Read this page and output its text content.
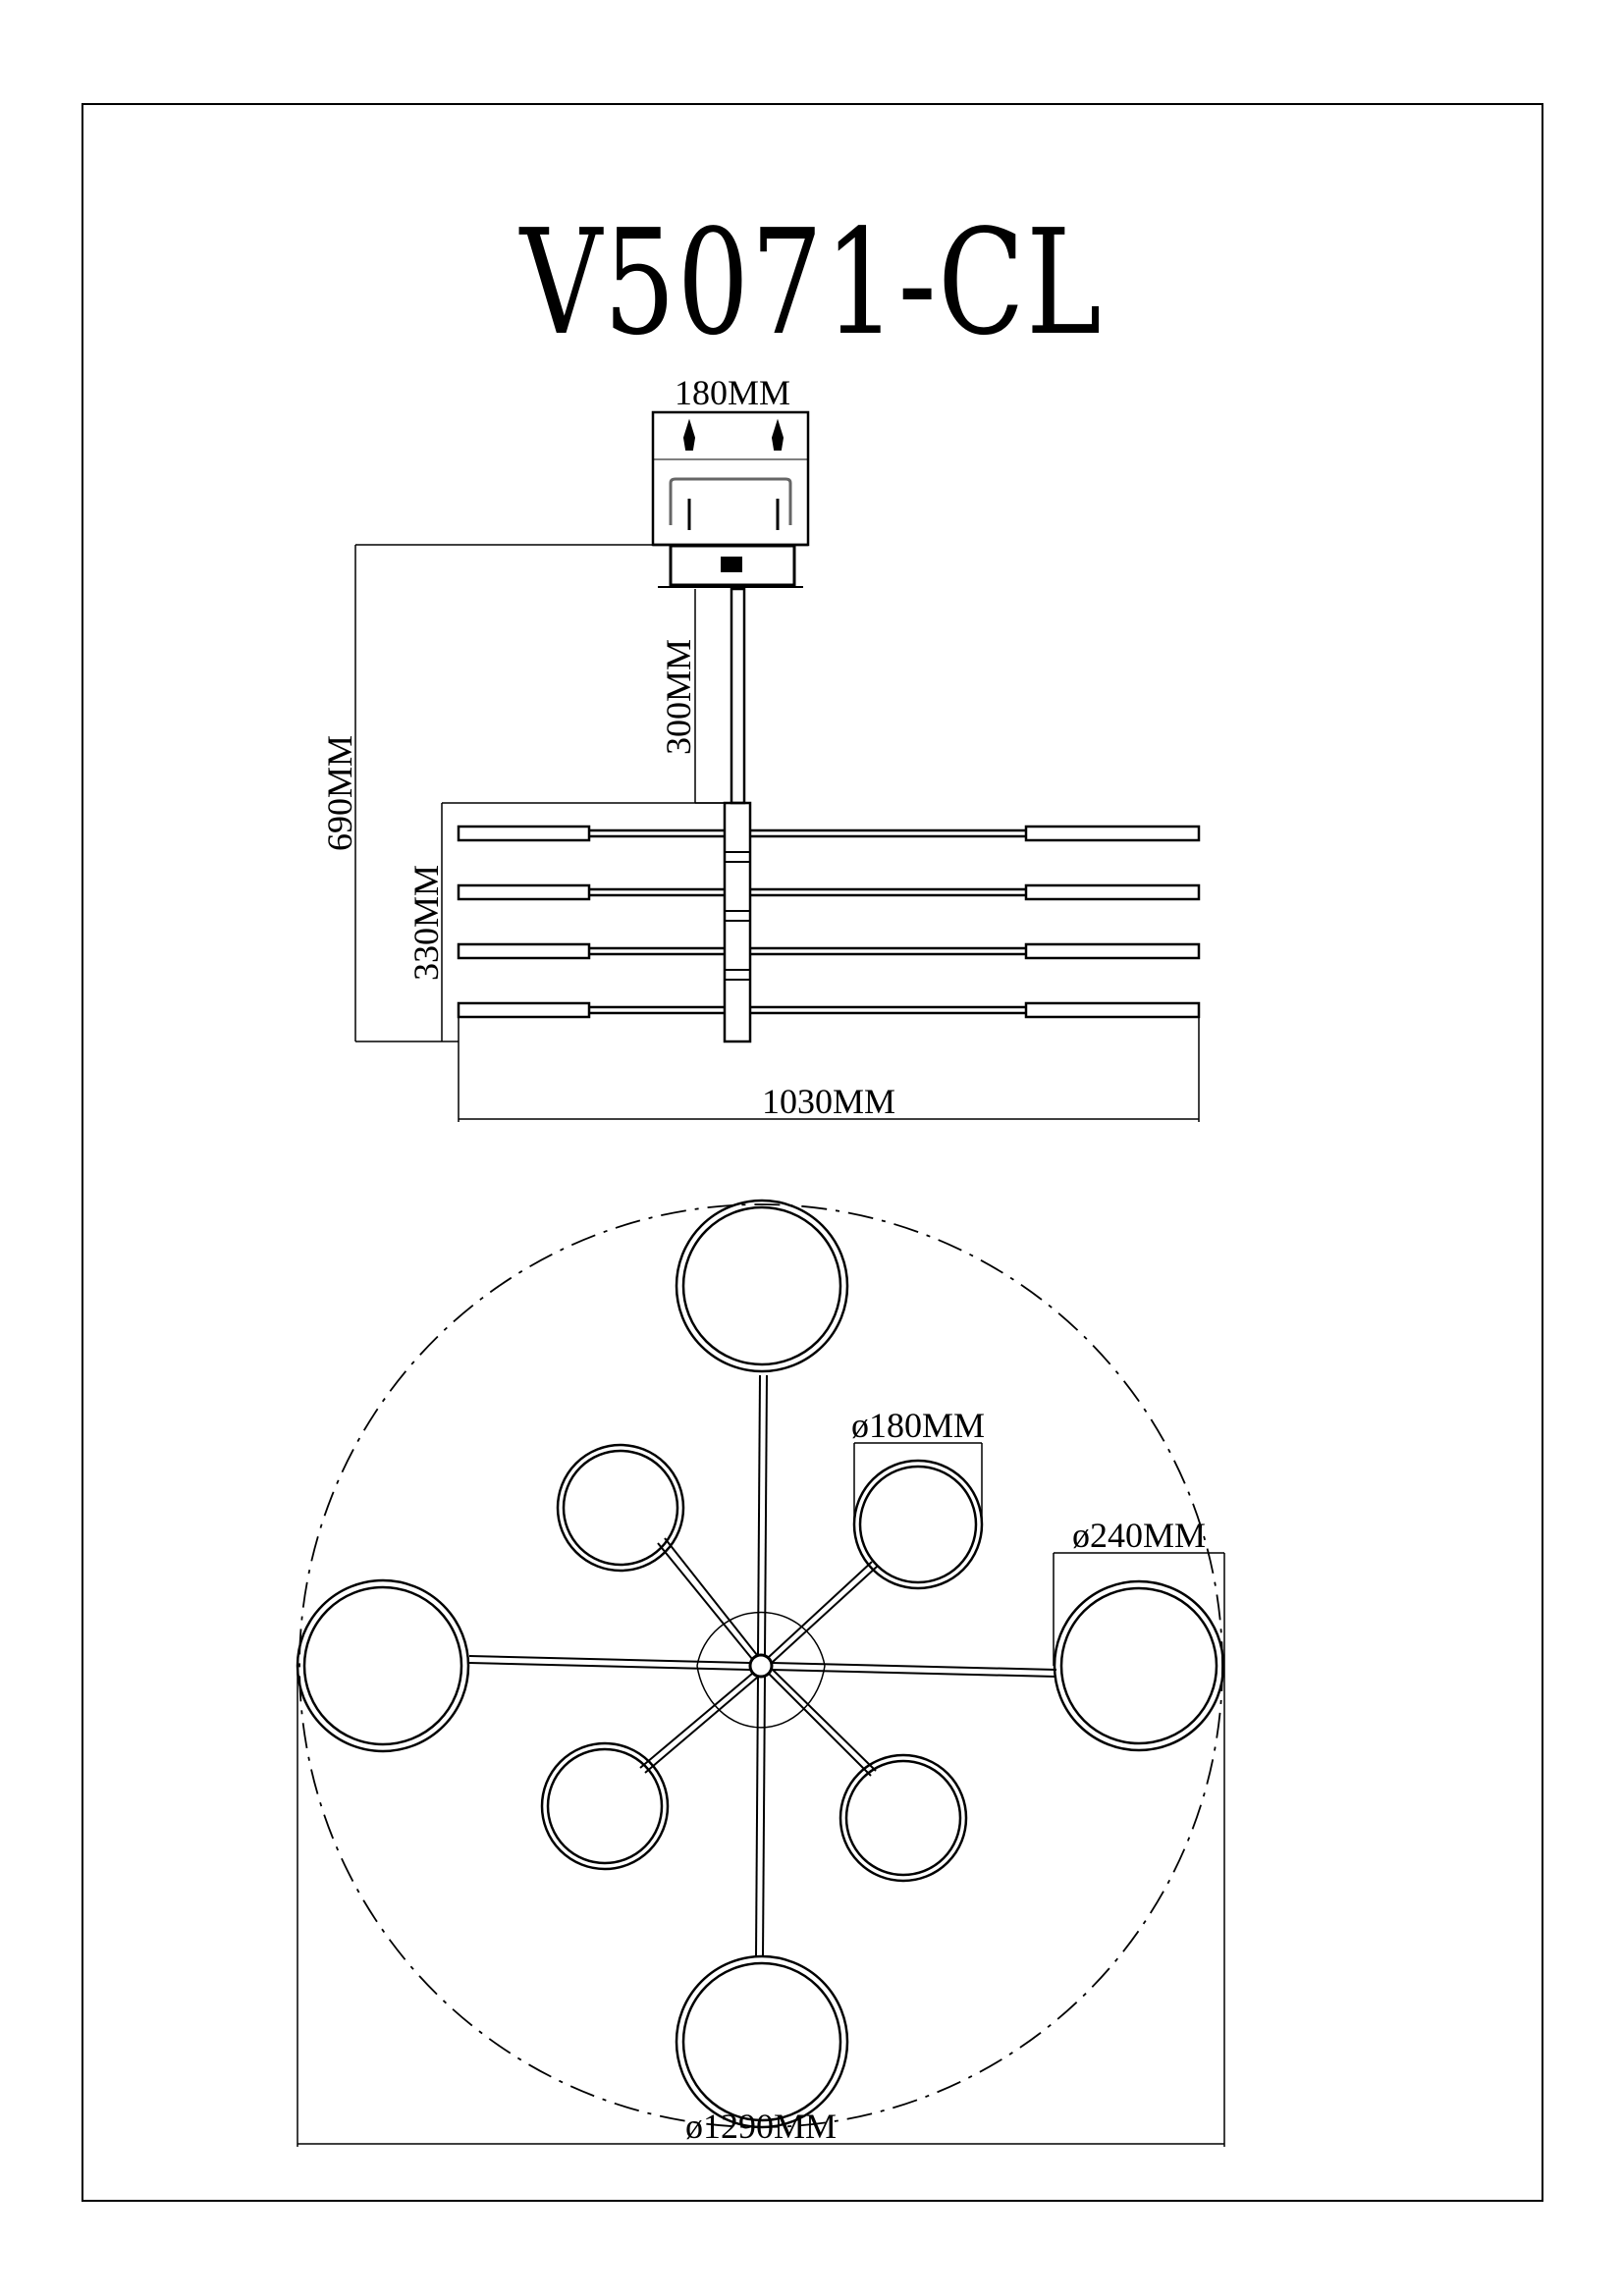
V5071-CL
180MM
300MM
690MM
330MM
1030MM
ø180MM
ø240MM
ø1290MM
